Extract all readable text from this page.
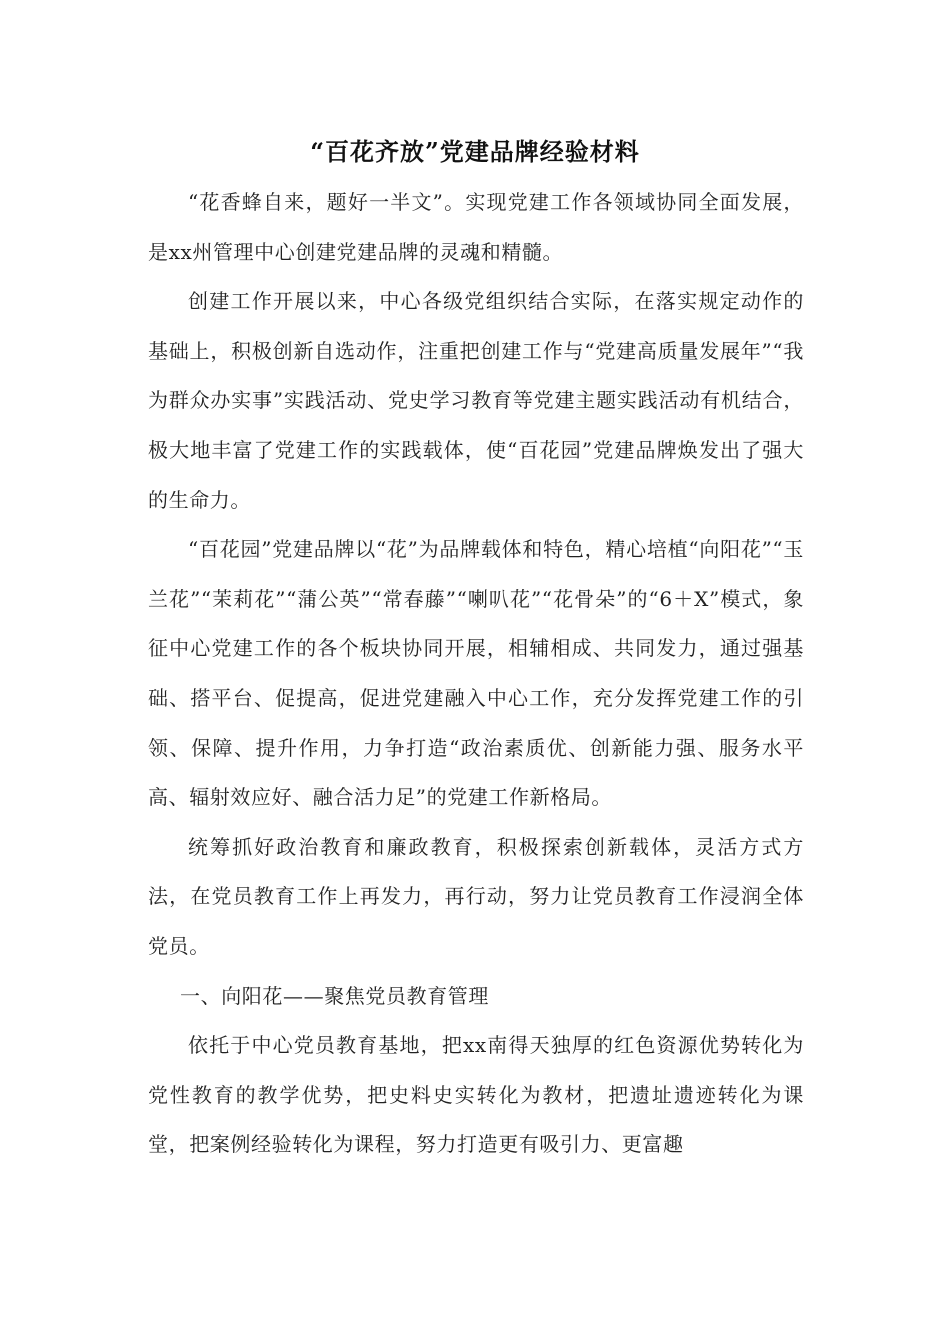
“百花齐放”党建品牌经验材料

“花香蜂自来，题好一半文”。实现党建工作各领域协同全面发展，是xx州管理中心创建党建品牌的灵魂和精髓。

创建工作开展以来，中心各级党组织结合实际，在落实规定动作的基础上，积极创新自选动作，注重把创建工作与“党建高质量发展年”“我为群众办实事”实践活动、党史学习教育等党建主题实践活动有机结合，极大地丰富了党建工作的实践载体，使“百花园”党建品牌焕发出了强大的生命力。

“百花园”党建品牌以“花”为品牌载体和特色，精心培植“向阳花”“玉兰花”“茉莉花”“蒲公英”“常春藤”“喇叭花”“花骨朵”的“6＋X”模式，象征中心党建工作的各个板块协同开展，相辅相成、共同发力，通过强基础、搭平台、促提高，促进党建融入中心工作，充分发挥党建工作的引领、保障、提升作用，力争打造“政治素质优、创新能力强、服务水平高、辐射效应好、融合活力足”的党建工作新格局。

统筹抓好政治教育和廉政教育，积极探索创新载体，灵活方式方法，在党员教育工作上再发力，再行动，努力让党员教育工作浸润全体党员。

一、向阳花——聚焦党员教育管理

依托于中心党员教育基地，把xx南得天独厚的红色资源优势转化为党性教育的教学优势，把史料史实转化为教材，把遗址遗迹转化为课堂，把案例经验转化为课程，努力打造更有吸引力、更富趣
